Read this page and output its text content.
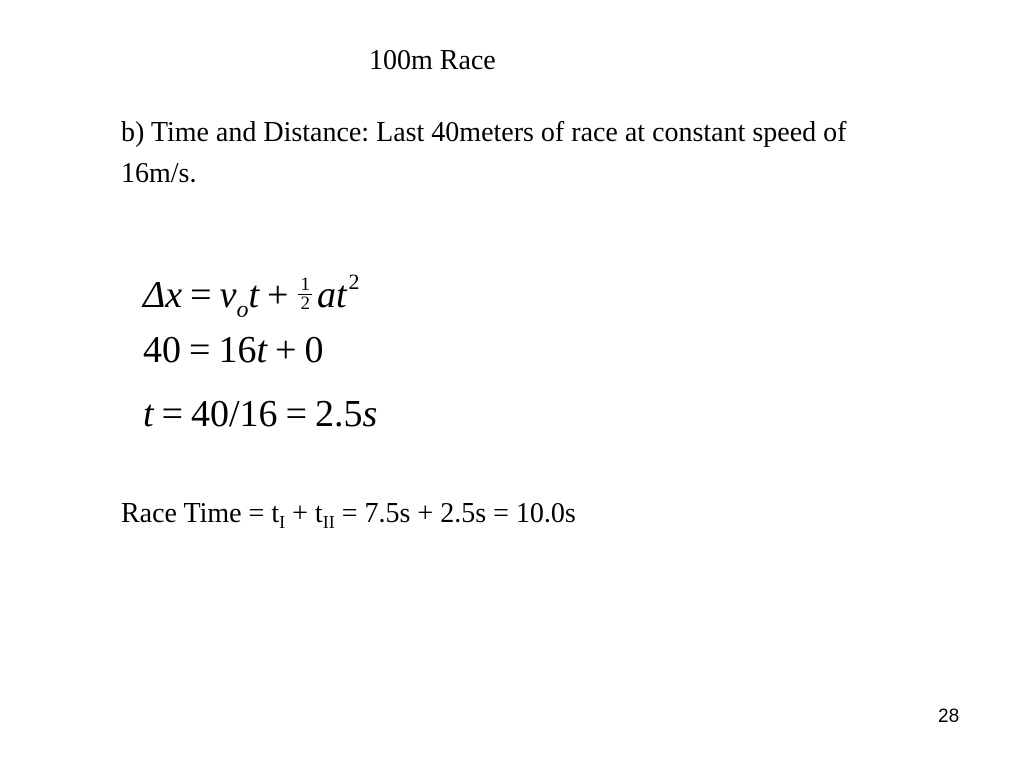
100m Race
b) Time and Distance: Last 40meters of race at constant speed of 16m/s.
$\Delta x = v_ot + \frac{1}{2} at^2$
40 = 16t + 0
t = 40/16 = 2.5s
Race Time = $t_I + t_{II} = 7.5s + 2.5s = 10.0s$
28
